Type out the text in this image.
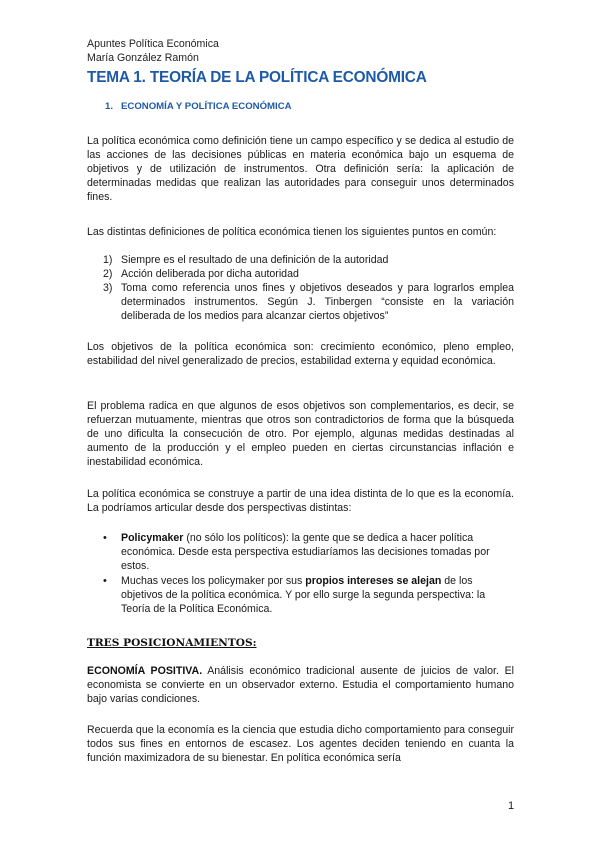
Apuntes Política Económica
María González Ramón
TEMA 1. TEORÍA DE LA POLÍTICA ECONÓMICA
1. ECONOMÍA Y POLÍTICA ECONÓMICA

La política económica como definición tiene un campo específico y se dedica al estudio de las acciones de las decisiones públicas en materia económica bajo un esquema de objetivos y de utilización de instrumentos. Otra definición sería: la aplicación de determinadas medidas que realizan las autoridades para conseguir unos determinados fines.

Las distintas definiciones de política económica tienen los siguientes puntos en común:

1) Siempre es el resultado de una definición de la autoridad
2) Acción deliberada por dicha autoridad
3) Toma como referencia unos fines y objetivos deseados y para lograrlos emplea determinados instrumentos. Según J. Tinbergen “consiste en la variación deliberada de los medios para alcanzar ciertos objetivos”

Los objetivos de la política económica son: crecimiento económico, pleno empleo, estabilidad del nivel generalizado de precios, estabilidad externa y equidad económica.

El problema radica en que algunos de esos objetivos son complementarios, es decir, se refuerzan mutuamente, mientras que otros son contradictorios de forma que la búsqueda de uno dificulta la consecución de otro. Por ejemplo, algunas medidas destinadas al aumento de la producción y el empleo pueden en ciertas circunstancias inflación e inestabilidad económica.

La política económica se construye a partir de una idea distinta de lo que es la economía. La podríamos articular desde dos perspectivas distintas:

• Policymaker (no sólo los políticos): la gente que se dedica a hacer política económica. Desde esta perspectiva estudiaríamos las decisiones tomadas por estos.
• Muchas veces los policymaker por sus propios intereses se alejan de los objetivos de la política económica. Y por ello surge la segunda perspectiva: la Teoría de la Política Económica.
TRES POSICIONAMIENTOS:

ECONOMÍA POSITIVA. Análisis económico tradicional ausente de juicios de valor. El economista se convierte en un observador externo. Estudia el comportamiento humano bajo varias condiciones.

Recuerda que la economía es la ciencia que estudia dicho comportamiento para conseguir todos sus fines en entornos de escasez. Los agentes deciden teniendo en cuanta la función maximizadora de su bienestar. En política económica sería

1
